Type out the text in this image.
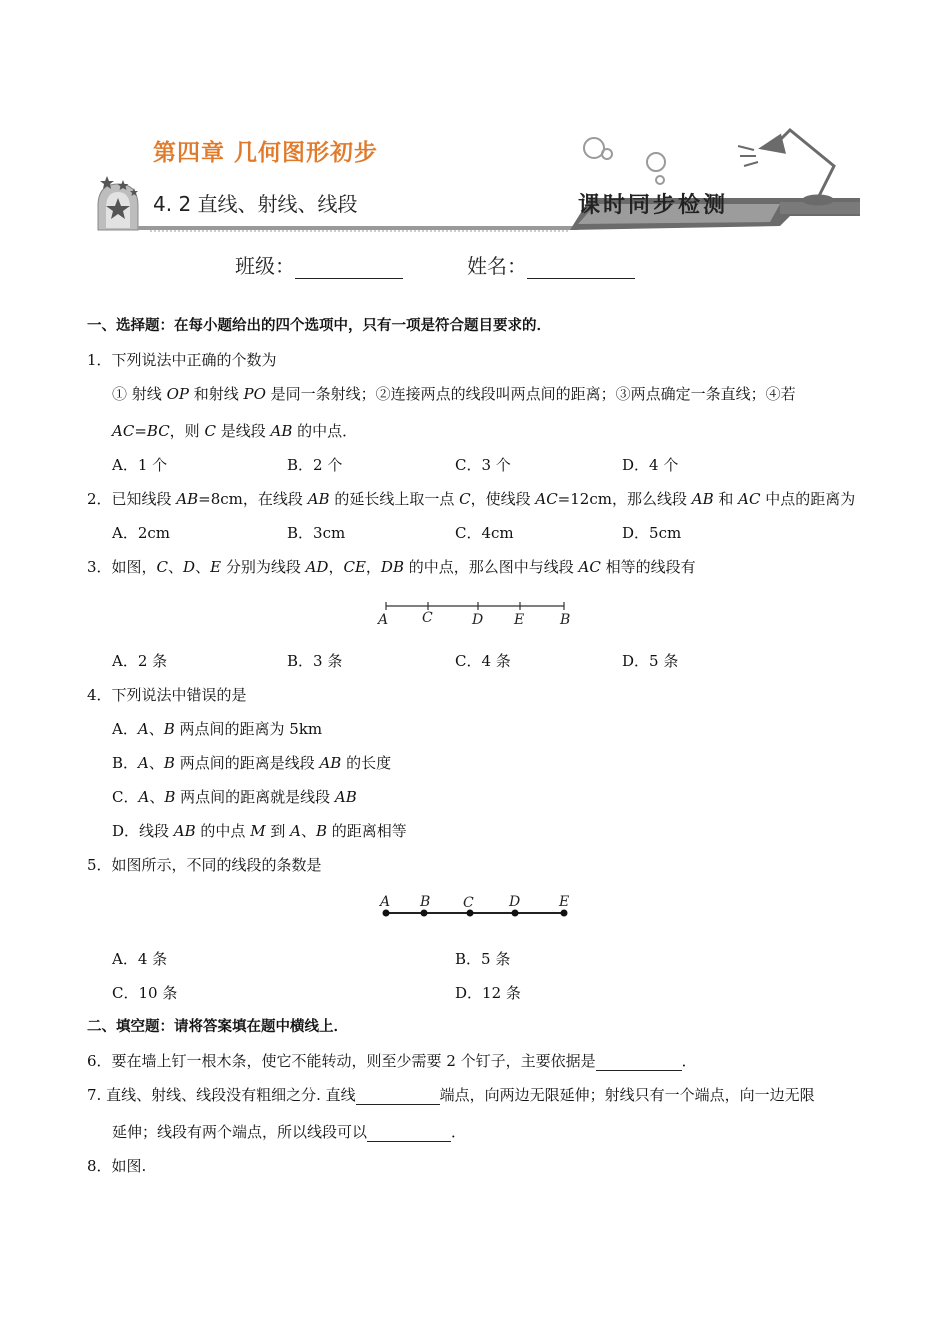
第四章 几何图形初步
4. 2 直线、射线、线段	课时同步检测
班级：	姓名：
一、选择题：在每小题给出的四个选项中，只有一项是符合题目要求的．
1．下列说法中正确的个数为
① 射线 OP 和射线 PO 是同一条射线；②连接两点的线段叫两点间的距离；③两点确定一条直线；④若
AC=BC，则 C 是线段 AB 的中点．
A．1 个	B．2 个	C．3 个	D．4 个
2．已知线段 AB=8cm，在线段 AB 的延长线上取一点 C，使线段 AC=12cm，那么线段 AB 和 AC 中点的距离为
A．2cm	B．3cm	C．4cm	D．5cm
3．如图，C、D、E 分别为线段 AD，CE，DB 的中点，那么图中与线段 AC 相等的线段有
A C	D E	B
A．2 条	B．3 条	C．4 条	D．5 条
4．下列说法中错误的是
A．A、B 两点间的距离为 5km
B．A、B 两点间的距离是线段 AB 的长度
C．A、B 两点间的距离就是线段 AB
D．线段 AB 的中点 M 到 A、B 的距离相等
5．如图所示，不同的线段的条数是
A B C	D	E
A．4 条	B．5 条
C．10 条	D．12 条
二、填空题：请将答案填在题中横线上．
6．要在墙上钉一根木条，使它不能转动，则至少需要 2 个钉子，主要依据是	．
7. 直线、射线、线段没有粗细之分. 直线	端点，向两边无限延伸；射线只有一个端点，向一边无限
延伸；线段有两个端点，所以线段可以	．
8．如图.
